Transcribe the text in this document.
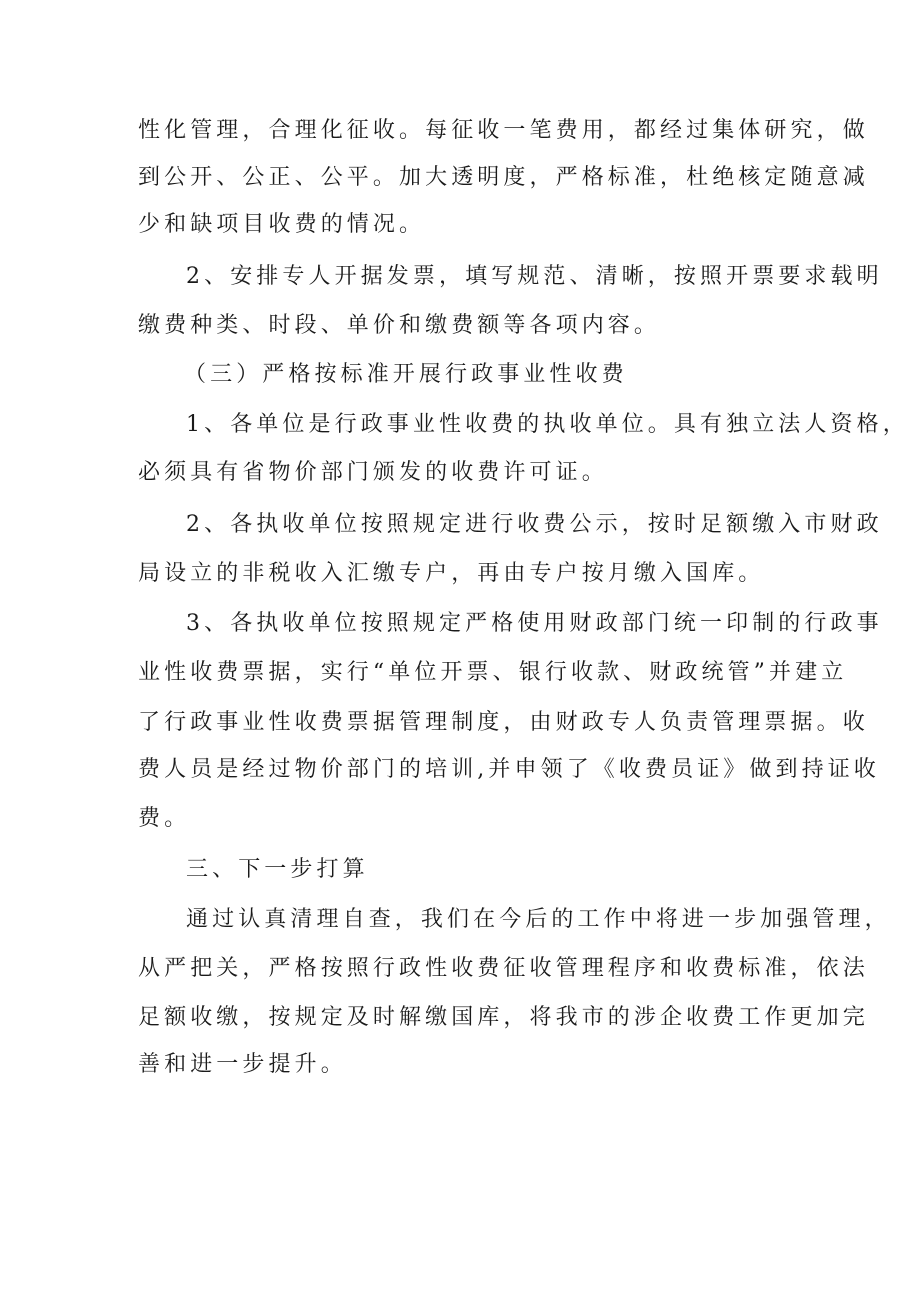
性化管理，合理化征收。每征收一笔费用，都经过集体研究，做
到公开、公正、公平。加大透明度，严格标准，杜绝核定随意减
少和缺项目收费的情况。
2、安排专人开据发票，填写规范、清晰，按照开票要求载明
缴费种类、时段、单价和缴费额等各项内容。
（三）严格按标准开展行政事业性收费
1、各单位是行政事业性收费的执收单位。具有独立法人资格，
必须具有省物价部门颁发的收费许可证。
2、各执收单位按照规定进行收费公示，按时足额缴入市财政
局设立的非税收入汇缴专户，再由专户按月缴入国库。
3、各执收单位按照规定严格使用财政部门统一印制的行政事
业性收费票据，实行“单位开票、银行收款、财政统管”并建立
了行政事业性收费票据管理制度，由财政专人负责管理票据。收
费人员是经过物价部门的培训,并申领了《收费员证》做到持证收
费。
三、下一步打算
通过认真清理自查，我们在今后的工作中将进一步加强管理，
从严把关，严格按照行政性收费征收管理程序和收费标准，依法
足额收缴，按规定及时解缴国库，将我市的涉企收费工作更加完
善和进一步提升。
